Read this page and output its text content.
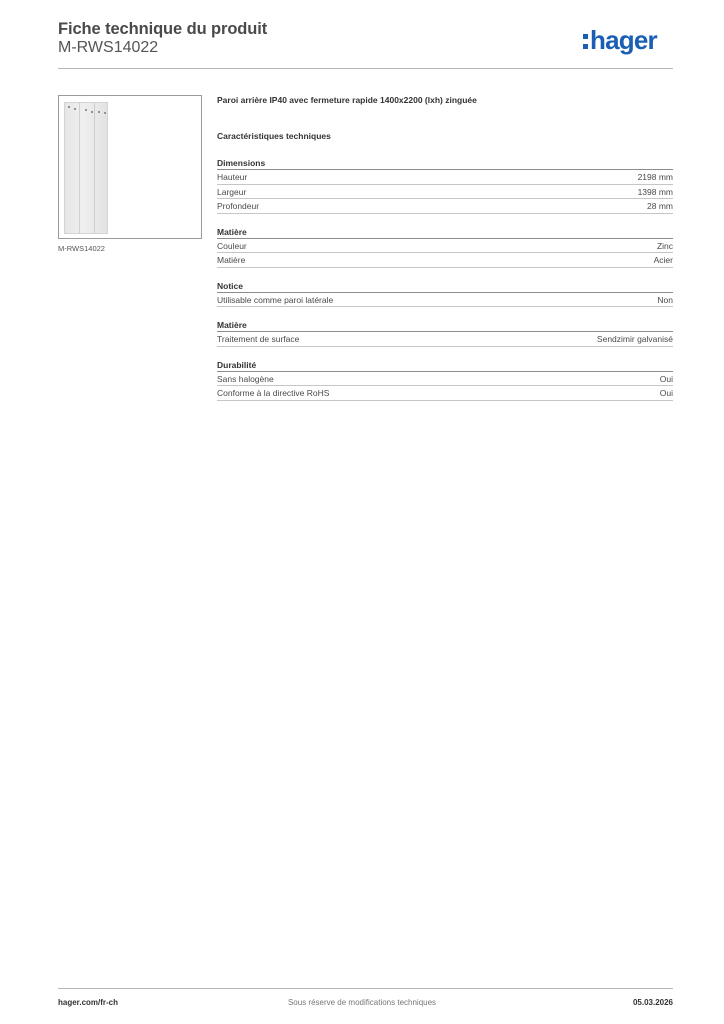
Fiche technique du produit
M-RWS14022	hager
M-RWS14022
Paroi arrière IP40 avec fermeture rapide 1400x2200 (lxh) zinguée
Caractéristiques techniques
Dimensions
Hauteur	2198 mm
Largeur	1398 mm
Profondeur	28 mm
Matière
Couleur	Zinc
Matière	Acier
Notice
Utilisable comme paroi latérale	Non
Matière
Traitement de surface	Sendzimir galvanisé
Durabilité
Sans halogène	Oui
Conforme à la directive RoHS	Oui
hager.com/fr-ch	Sous réserve de modifications techniques	05.03.2026
